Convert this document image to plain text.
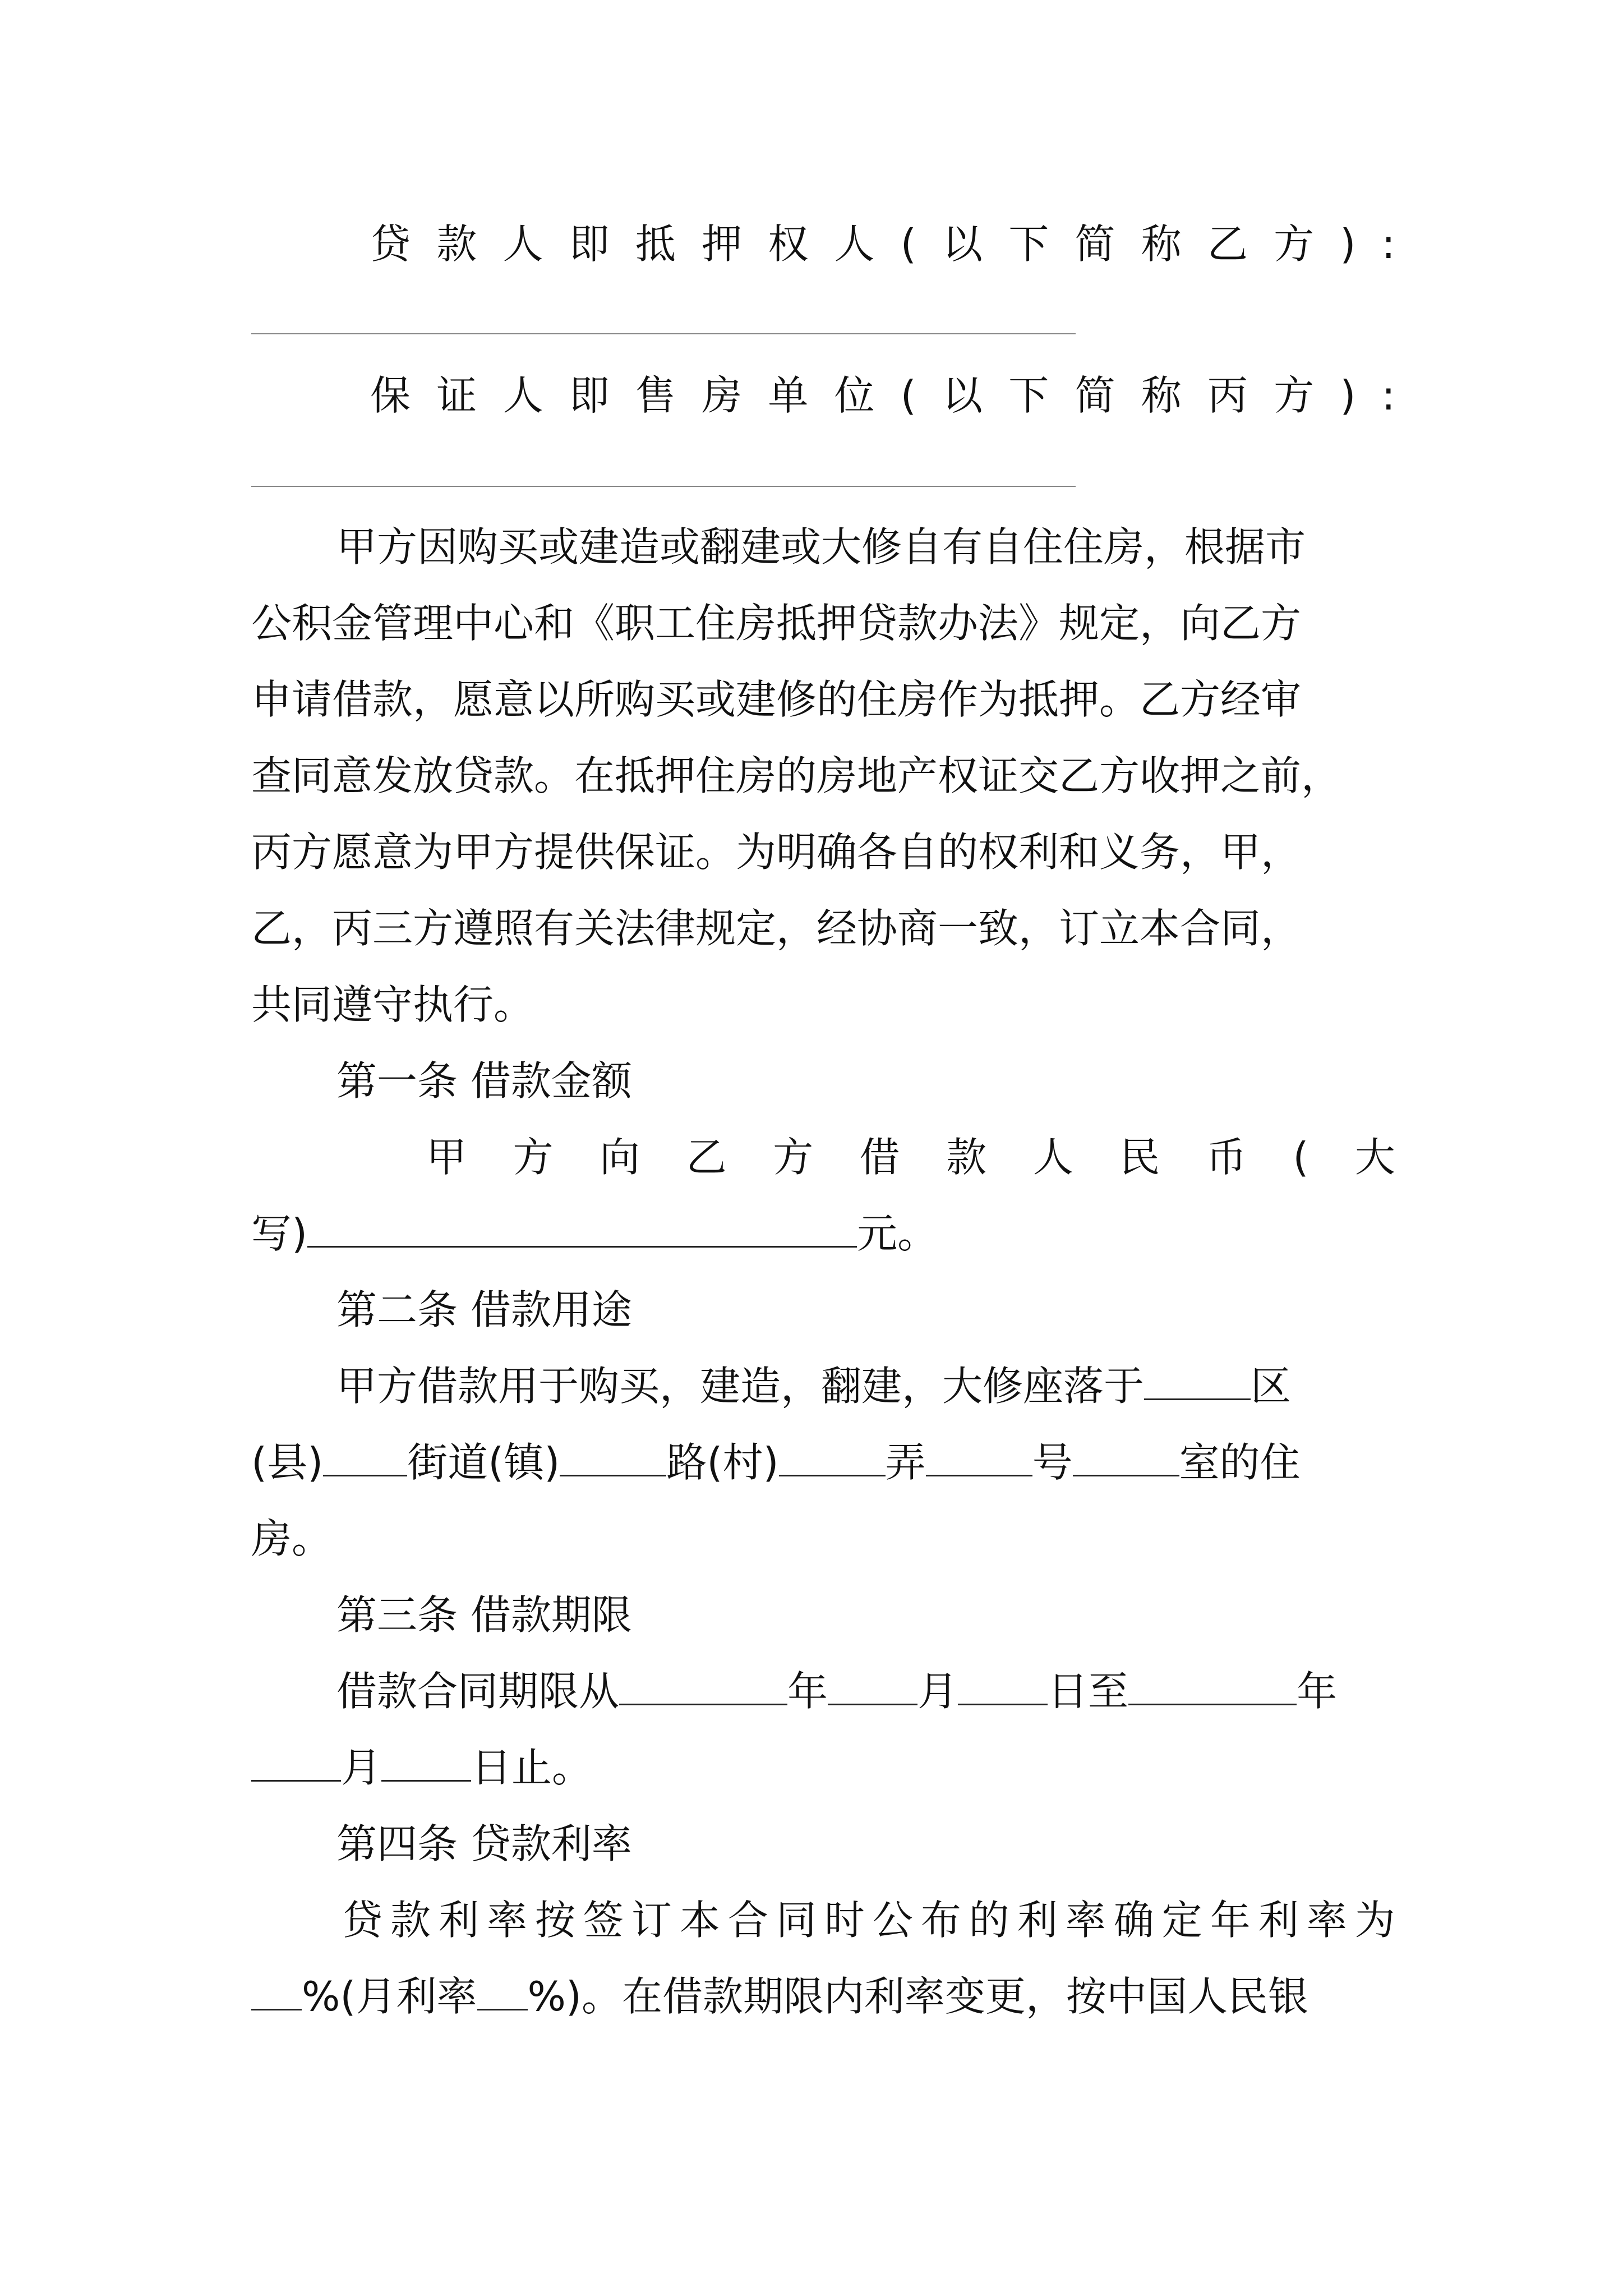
贷 款 人 即 抵 押 权 人 ( 以 下 简 称 乙 方 ) :
保 证 人 即 售 房 单 位 ( 以 下 简 称 丙 方 ) :
甲方因购买或建造或翻建或大修自有自住住房，根据市
公积金管理中心和《职工住房抵押贷款办法》规定，向乙方
申请借款，愿意以所购买或建修的住房作为抵押。乙方经审
查同意发放贷款。在抵押住房的房地产权证交乙方收押之前，
丙方愿意为甲方提供保证。为明确各自的权利和义务，甲，
乙，丙三方遵照有关法律规定，经协商一致，订立本合同，
共同遵守执行。
第一条 借款金额
甲 方 向 乙 方 借 款 人 民 币 ( 大
写)	元。
第二条 借款用途
甲方借款用于购买，建造，翻建，大修座落于	区
(县) 街道(镇)	路(村)	弄	号	室的住
房。
第三条 借款期限
借款合同期限从	年 月 日至	年
月 日止。
第四条 贷款利率
贷 款 利 率 按 签 订 本 合 同 时 公 布 的 利 率 确 定 年 利 率 为
%(月利率 %)。在借款期限内利率变更，按中国人民银
